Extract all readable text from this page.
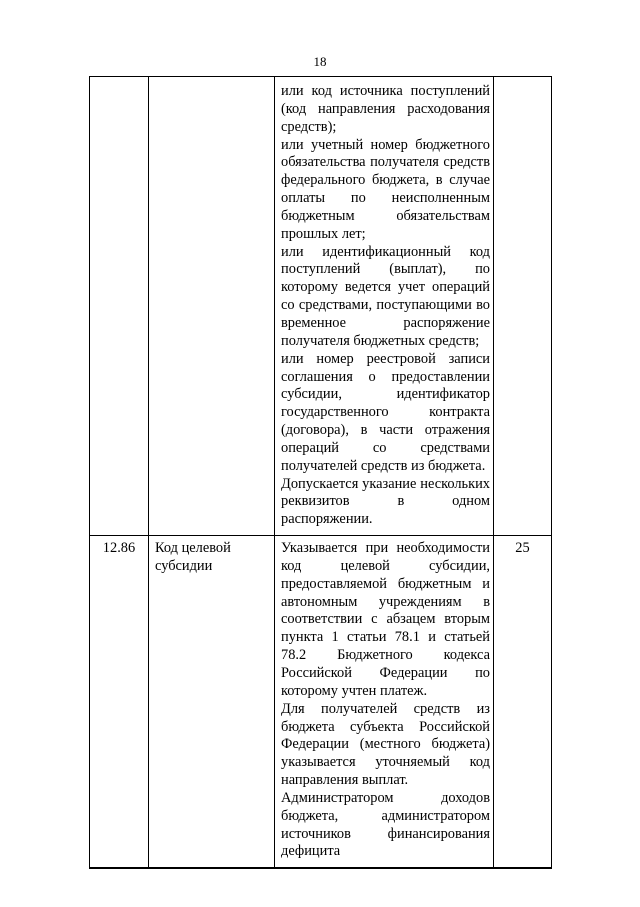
18

		или код источника поступлений (код направления расходования средств);

или учетный номер бюджетного обязательства получателя средств федерального бюджета, в случае оплаты по неисполненным бюджетным обязательствам прошлых лет;

или идентификационный код поступлений (выплат), по которому ведется учет операций со средствами, поступающими во временное распоряжение получателя бюджетных средств;

или номер реестровой записи соглашения о предоставлении субсидии, идентификатор государственного контракта (договора), в части отражения операций со средствами получателей средств из бюджета.

Допускается указание нескольких реквизитов в одном распоряжении.	

12.86	Код целевой субсидии	Указывается при необходимости код целевой субсидии, предоставляемой бюджетным и автономным учреждениям в соответствии с абзацем вторым пункта 1 статьи 78.1 и статьей 78.2 Бюджетного кодекса Российской Федерации по которому учтен платеж.

Для получателей средств из бюджета субъекта Российской Федерации (местного бюджета) указывается уточняемый код направления выплат.

Администратором доходов бюджета, администратором источников финансирования дефицита	25
